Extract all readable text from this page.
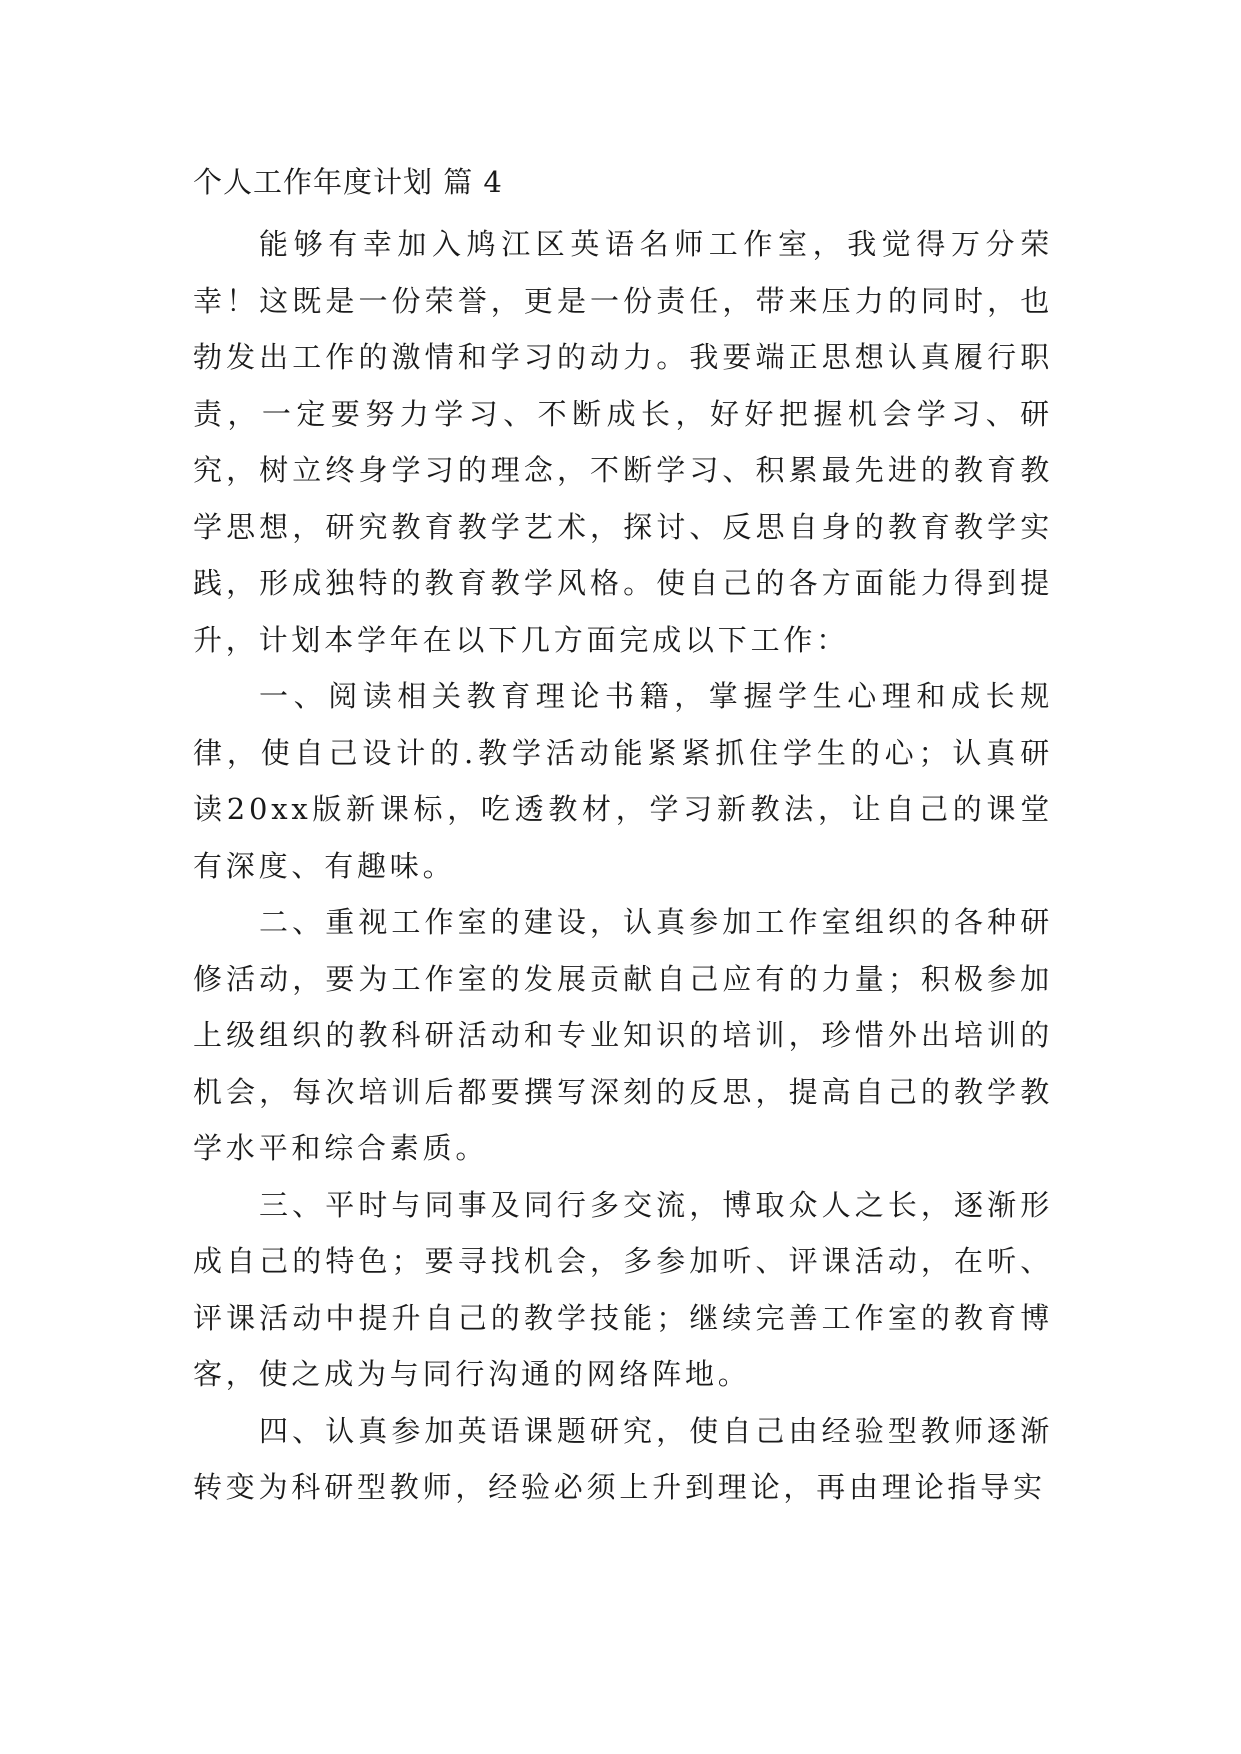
个人工作年度计划 篇 4

能够有幸加入鸠江区英语名师工作室，我觉得万分荣幸！这既是一份荣誉，更是一份责任，带来压力的同时，也勃发出工作的激情和学习的动力。我要端正思想认真履行职责，一定要努力学习、不断成长，好好把握机会学习、研究，树立终身学习的理念，不断学习、积累最先进的教育教学思想，研究教育教学艺术，探讨、反思自身的教育教学实践，形成独特的教育教学风格。使自己的各方面能力得到提升，计划本学年在以下几方面完成以下工作：

一、阅读相关教育理论书籍，掌握学生心理和成长规律，使自己设计的.教学活动能紧紧抓住学生的心；认真研读20xx版新课标，吃透教材，学习新教法，让自己的课堂有深度、有趣味。

二、重视工作室的建设，认真参加工作室组织的各种研修活动，要为工作室的发展贡献自己应有的力量；积极参加上级组织的教科研活动和专业知识的培训，珍惜外出培训的机会，每次培训后都要撰写深刻的反思，提高自己的教学教学水平和综合素质。

三、平时与同事及同行多交流，博取众人之长，逐渐形成自己的特色；要寻找机会，多参加听、评课活动，在听、评课活动中提升自己的教学技能；继续完善工作室的教育博客，使之成为与同行沟通的网络阵地。

四、认真参加英语课题研究，使自己由经验型教师逐渐转变为科研型教师，经验必须上升到理论，再由理论指导实
